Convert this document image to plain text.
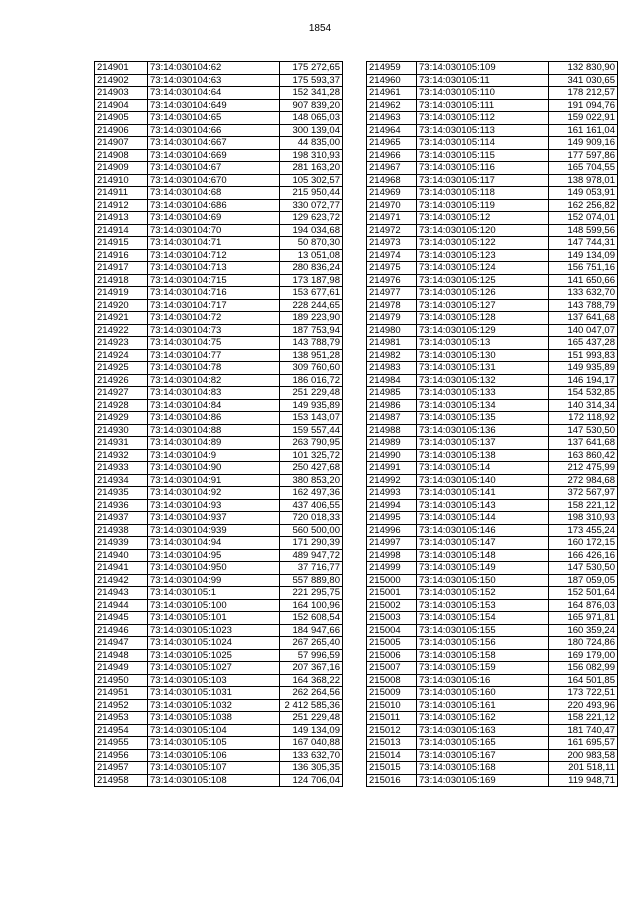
1854
214901	73:14:030104:62	175 272,65
214902	73:14:030104:63	175 593,37
214903	73:14:030104:64	152 341,28
214904	73:14:030104:649	907 839,20
214905	73:14:030104:65	148 065,03
214906	73:14:030104:66	300 139,04
214907	73:14:030104:667	44 835,00
214908	73:14:030104:669	198 310,93
214909	73:14:030104:67	281 163,20
214910	73:14:030104:670	105 302,57
214911	73:14:030104:68	215 950,44
214912	73:14:030104:686	330 072,77
214913	73:14:030104:69	129 623,72
214914	73:14:030104:70	194 034,68
214915	73:14:030104:71	50 870,30
214916	73:14:030104:712	13 051,08
214917	73:14:030104:713	280 836,24
214918	73:14:030104:715	173 187,98
214919	73:14:030104:716	153 677,61
214920	73:14:030104:717	228 244,65
214921	73:14:030104:72	189 223,90
214922	73:14:030104:73	187 753,94
214923	73:14:030104:75	143 788,79
214924	73:14:030104:77	138 951,28
214925	73:14:030104:78	309 760,60
214926	73:14:030104:82	186 016,72
214927	73:14:030104:83	251 229,48
214928	73:14:030104:84	149 935,89
214929	73:14:030104:86	153 143,07
214930	73:14:030104:88	159 557,44
214931	73:14:030104:89	263 790,95
214932	73:14:030104:9	101 325,72
214933	73:14:030104:90	250 427,68
214934	73:14:030104:91	380 853,20
214935	73:14:030104:92	162 497,36
214936	73:14:030104:93	437 406,55
214937	73:14:030104:937	720 018,33
214938	73:14:030104:939	560 500,00
214939	73:14:030104:94	171 290,39
214940	73:14:030104:95	489 947,72
214941	73:14:030104:950	37 716,77
214942	73:14:030104:99	557 889,80
214943	73:14:030105:1	221 295,75
214944	73:14:030105:100	164 100,96
214945	73:14:030105:101	152 608,54
214946	73:14:030105:1023	184 947,66
214947	73:14:030105:1024	267 265,40
214948	73:14:030105:1025	57 996,59
214949	73:14:030105:1027	207 367,16
214950	73:14:030105:103	164 368,22
214951	73:14:030105:1031	262 264,56
214952	73:14:030105:1032	2 412 585,36
214953	73:14:030105:1038	251 229,48
214954	73:14:030105:104	149 134,09
214955	73:14:030105:105	167 040,88
214956	73:14:030105:106	133 632,70
214957	73:14:030105:107	136 305,35
214958	73:14:030105:108	124 706,04
214959	73:14:030105:109	132 830,90
214960	73:14:030105:11	341 030,65
214961	73:14:030105:110	178 212,57
214962	73:14:030105:111	191 094,76
214963	73:14:030105:112	159 022,91
214964	73:14:030105:113	161 161,04
214965	73:14:030105:114	149 909,16
214966	73:14:030105:115	177 597,86
214967	73:14:030105:116	165 704,55
214968	73:14:030105:117	138 978,01
214969	73:14:030105:118	149 053,91
214970	73:14:030105:119	162 256,82
214971	73:14:030105:12	152 074,01
214972	73:14:030105:120	148 599,56
214973	73:14:030105:122	147 744,31
214974	73:14:030105:123	149 134,09
214975	73:14:030105:124	156 751,16
214976	73:14:030105:125	141 650,66
214977	73:14:030105:126	133 632,70
214978	73:14:030105:127	143 788,79
214979	73:14:030105:128	137 641,68
214980	73:14:030105:129	140 047,07
214981	73:14:030105:13	165 437,28
214982	73:14:030105:130	151 993,83
214983	73:14:030105:131	149 935,89
214984	73:14:030105:132	146 194,17
214985	73:14:030105:133	154 532,85
214986	73:14:030105:134	140 314,34
214987	73:14:030105:135	172 118,92
214988	73:14:030105:136	147 530,50
214989	73:14:030105:137	137 641,68
214990	73:14:030105:138	163 860,42
214991	73:14:030105:14	212 475,99
214992	73:14:030105:140	272 984,68
214993	73:14:030105:141	372 567,97
214994	73:14:030105:143	158 221,12
214995	73:14:030105:144	198 310,93
214996	73:14:030105:146	173 455,24
214997	73:14:030105:147	160 172,15
214998	73:14:030105:148	166 426,16
214999	73:14:030105:149	147 530,50
215000	73:14:030105:150	187 059,05
215001	73:14:030105:152	152 501,64
215002	73:14:030105:153	164 876,03
215003	73:14:030105:154	165 971,81
215004	73:14:030105:155	160 359,24
215005	73:14:030105:156	180 724,86
215006	73:14:030105:158	169 179,00
215007	73:14:030105:159	156 082,99
215008	73:14:030105:16	164 501,85
215009	73:14:030105:160	173 722,51
215010	73:14:030105:161	220 493,96
215011	73:14:030105:162	158 221,12
215012	73:14:030105:163	181 740,47
215013	73:14:030105:165	161 695,57
215014	73:14:030105:167	200 983,58
215015	73:14:030105:168	201 518,11
215016	73:14:030105:169	119 948,71
